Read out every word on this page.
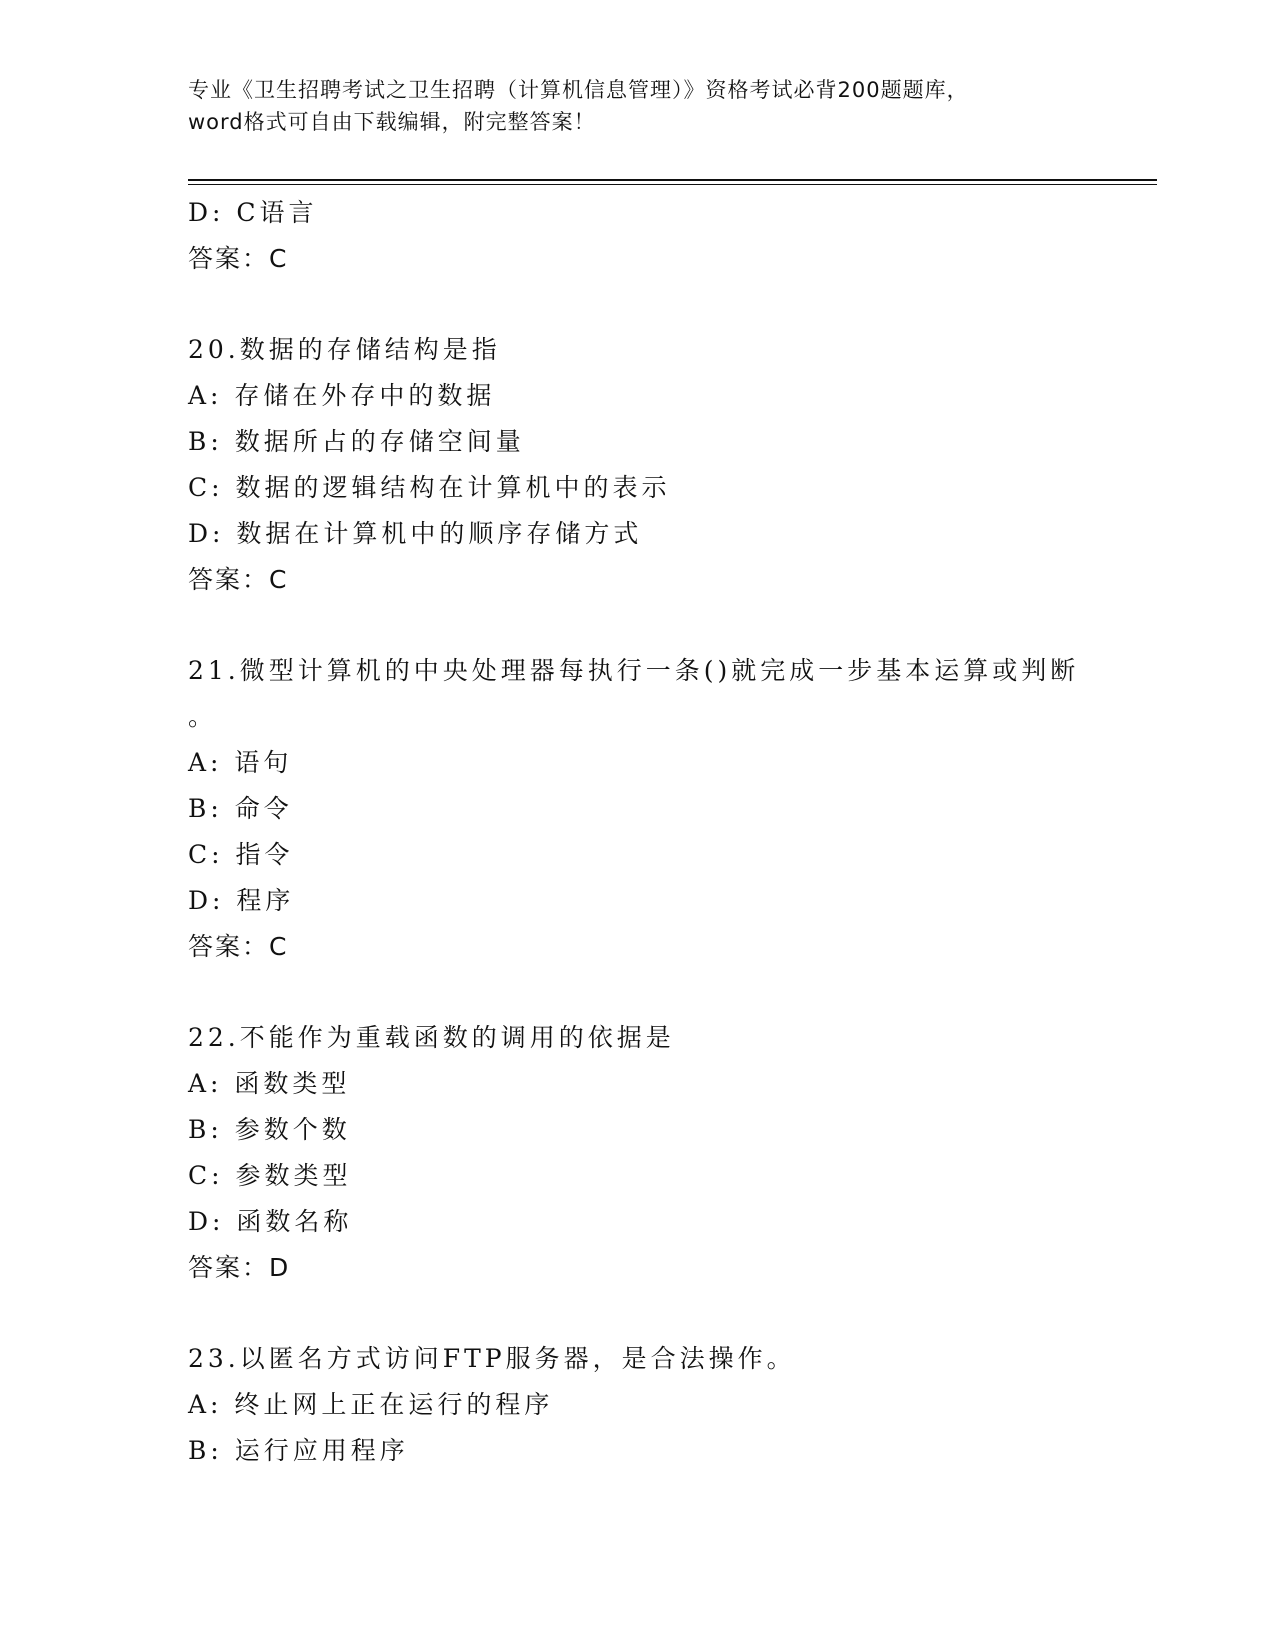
专业《卫生招聘考试之卫生招聘（计算机信息管理）》资格考试必背200题题库，
word格式可自由下载编辑，附完整答案！
D: C语言
答案：C
20.数据的存储结构是指
A: 存储在外存中的数据
B: 数据所占的存储空间量
C: 数据的逻辑结构在计算机中的表示
D: 数据在计算机中的顺序存储方式
答案：C
21.微型计算机的中央处理器每执行一条()就完成一步基本运算或判断
。
A: 语句
B: 命令
C: 指令
D: 程序
答案：C
22.不能作为重载函数的调用的依据是
A: 函数类型
B: 参数个数
C: 参数类型
D: 函数名称
答案：D
23.以匿名方式访问FTP服务器，是合法操作。
A: 终止网上正在运行的程序
B: 运行应用程序
